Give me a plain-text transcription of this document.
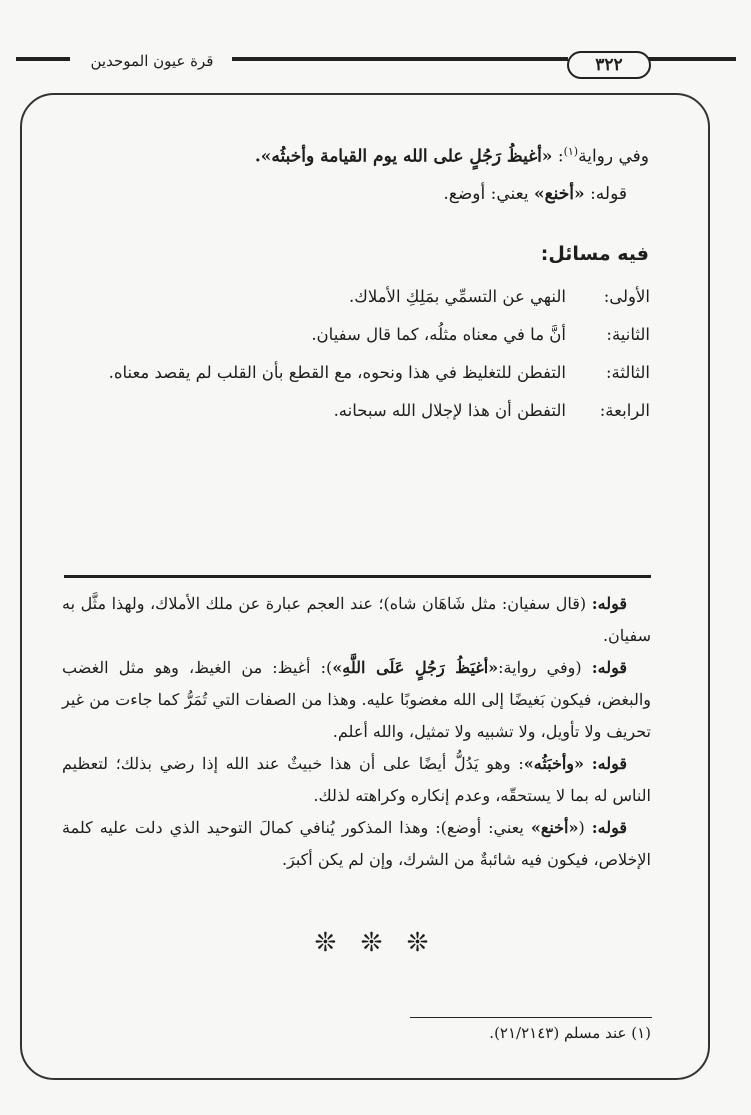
قرة عيون الموحدين	٣٢٢
وفي رواية$^{(١)}$: «أغيظُ رَجُلٍ على الله يوم القيامة وأخبثُه».
قوله: «أخنع» يعني: أوضع.
فيه مسائل:
الأولى:
النهي عن التسمِّي بمَلِكِ الأملاك.
الثانية:
أنَّ ما في معناه مثلُه، كما قال سفيان.
الثالثة:
التفطن للتغليظ في هذا ونحوه، مع القطع بأن القلب لم يقصد معناه.
الرابعة:
التفطن أن هذا لإجلال الله سبحانه.

قوله: (قال سفيان: مثل شَاهَان شاه)؛ عند العجم عبارة عن ملك الأملاك، ولهذا مثَّل به سفيان.

قوله: (وفي رواية:«أغيَظُ رَجُلٍ عَلَى اللَّهِ»): أغيظ: من الغيظ، وهو مثل الغضب والبغض، فيكون بَغيضًا إلى الله مغضوبًا عليه. وهذا من الصفات التي تُمَرُّ كما جاءت من غير تحريف ولا تأويل، ولا تشبيه ولا تمثيل، والله أعلم.

قوله: «وأخبَثُه»: وهو يَدُلُّ أيضًا على أن هذا خبيثٌ عند الله إذا رضي بذلك؛ لتعظيم الناس له بما لا يستحقّه، وعدم إنكاره وكراهته لذلك.

قوله: («أخنع» يعني: أوضع): وهذا المذكور يُنافي كمالَ التوحيد الذي دلت عليه كلمة الإخلاص، فيكون فيه شائبةٌ من الشرك، وإن لم يكن أكبرَ.

❊ ❊ ❊
(١) عند مسلم (٢١/٢١٤٣).
